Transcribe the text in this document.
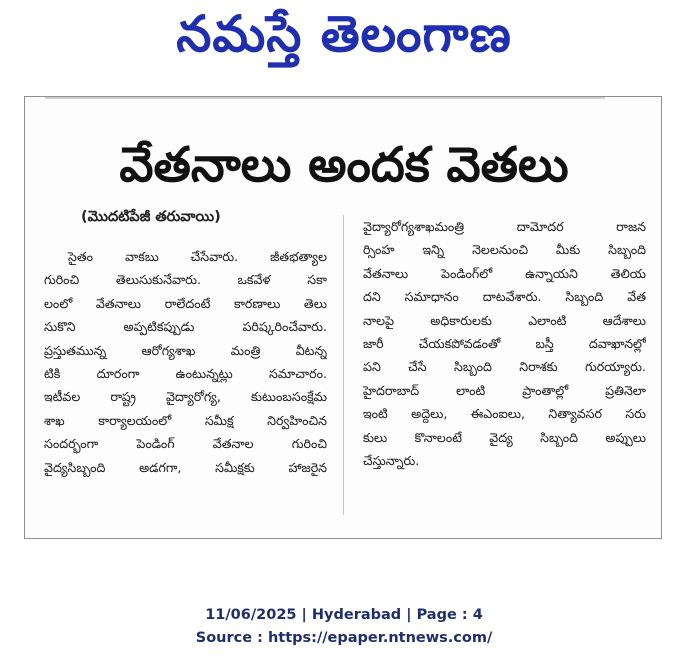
నమస్తే తెలంగాణ
వేతనాలు అందక వెతలు
(మొదటిపేజీ తరువాయి)
సైతం వాకబు చేసేవారు. జీతభత్యాల
గురించి తెలుసుకునేవారు. ఒకవేళ సకా
లంలో వేతనాలు రాలేదంటే కారణాలు తెలు
సుకొని అప్పటికప్పుడు పరిష్కరించేవారు.
ప్రస్తుతమున్న ఆరోగ్యశాఖ మంత్రి వీటన్న
టికి దూరంగా ఉంటున్నట్లు సమాచారం.
ఇటీవల రాష్ట్ర వైద్యారోగ్య, కుటుంబసంక్షేమ
శాఖ కార్యాలయంలో సమీక్ష నిర్వహించిన
సందర్భంగా పెండింగ్ వేతనాల గురించి
వైద్యసిబ్బంది అడగగా, సమీక్షకు హాజరైన
వైద్యారోగ్యశాఖమంత్రి దామోదర రాజన
ర్సింహ ఇన్ని నెలలనుంచి మీకు సిబ్బంది
వేతనాలు పెండింగ్‌లో ఉన్నాయని తెలియ
దని సమాధానం దాటవేశారు. సిబ్బంది వేత
నాలపై అధికారులకు ఎలాంటి ఆదేశాలు
జారీ చేయకపోవడంతో బస్తీ దవాఖానల్లో
పని చేసే సిబ్బంది నిరాశకు గురయ్యారు.
హైదరాబాద్ లాంటి ప్రాంతాల్లో ప్రతినెలా
ఇంటి అద్దెలు, ఈఎంఐలు, నిత్యావసర సరు
కులు కొనాలంటే వైద్య సిబ్బంది అప్పులు
చేస్తున్నారు.
11/06/2025 | Hyderabad | Page : 4
Source : https://epaper.ntnews.com/
